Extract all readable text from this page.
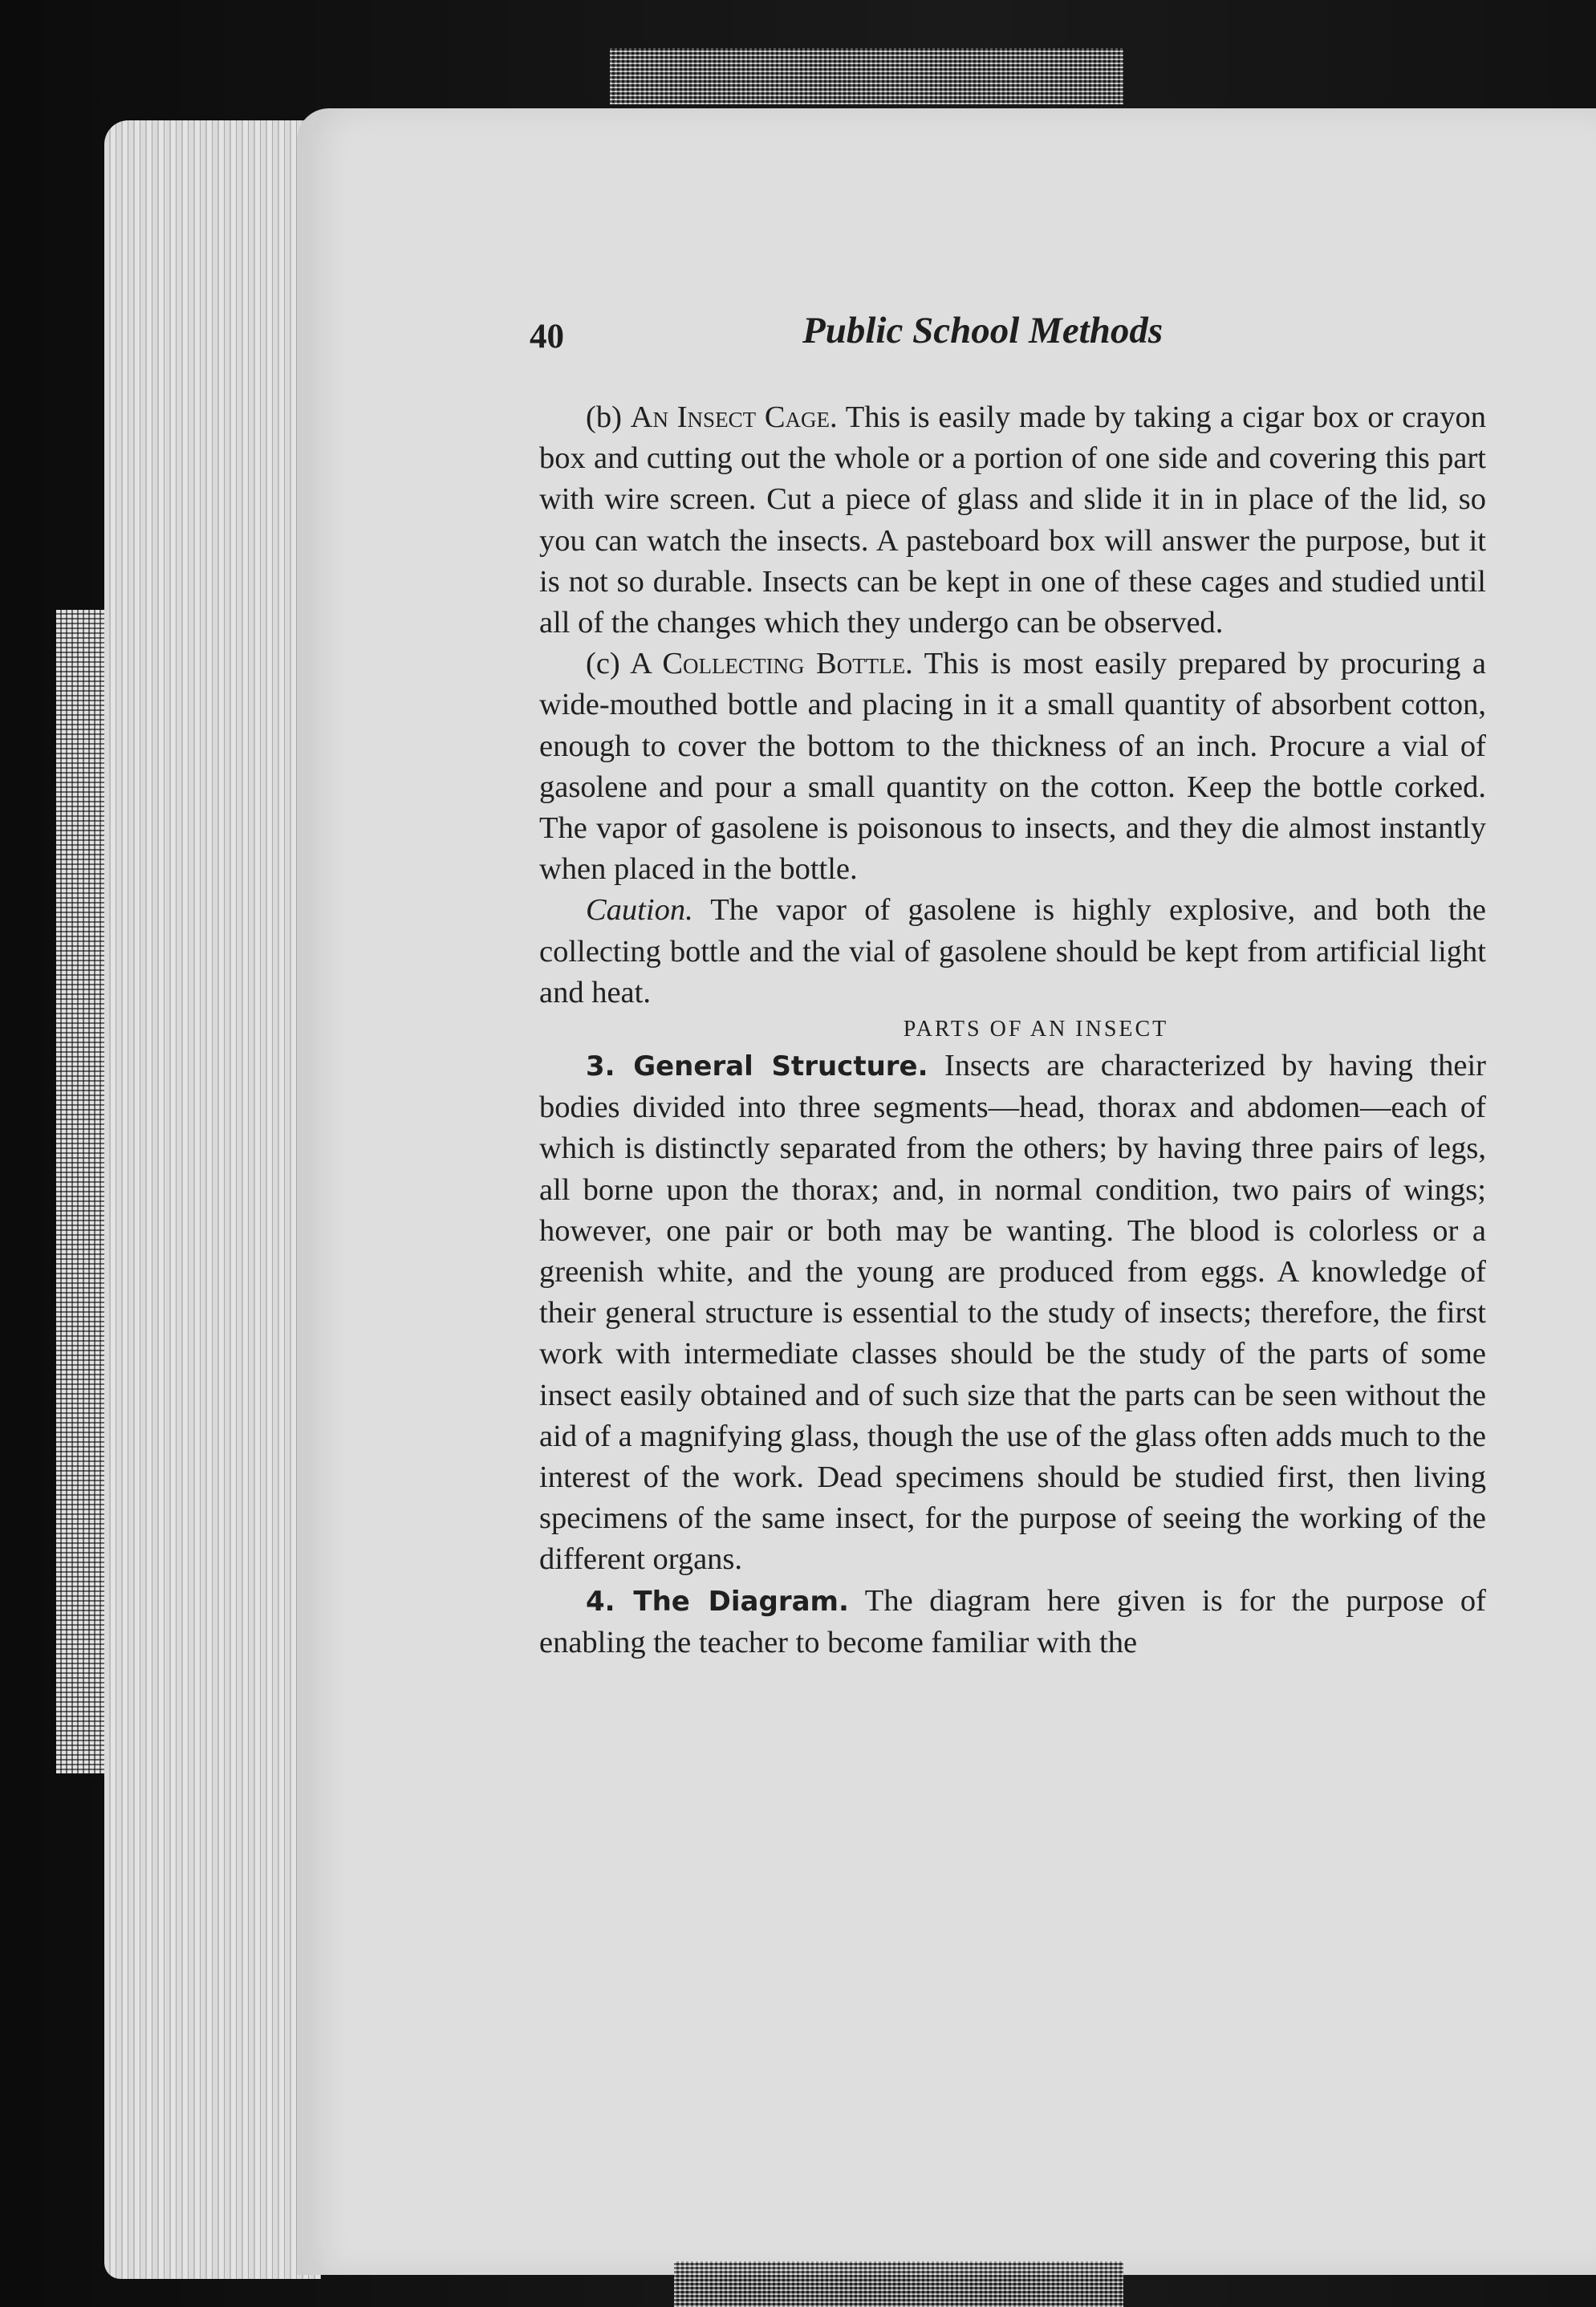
40	Public School Methods

(b) An Insect Cage. This is easily made by taking a cigar box or crayon box and cutting out the whole or a portion of one side and covering this part with wire screen. Cut a piece of glass and slide it in in place of the lid, so you can watch the insects. A pasteboard box will answer the purpose, but it is not so durable. Insects can be kept in one of these cages and studied until all of the changes which they undergo can be observed.

(c) A Collecting Bottle. This is most easily prepared by procuring a wide-mouthed bottle and placing in it a small quantity of absorbent cotton, enough to cover the bottom to the thickness of an inch. Procure a vial of gasolene and pour a small quantity on the cotton. Keep the bottle corked. The vapor of gasolene is poisonous to insects, and they die almost instantly when placed in the bottle.

Caution. The vapor of gasolene is highly explosive, and both the collecting bottle and the vial of gasolene should be kept from artificial light and heat.

PARTS OF AN INSECT

3. General Structure. Insects are characterized by having their bodies divided into three segments—head, thorax and abdomen—each of which is distinctly separated from the others; by having three pairs of legs, all borne upon the thorax; and, in normal condition, two pairs of wings; however, one pair or both may be wanting. The blood is colorless or a greenish white, and the young are produced from eggs. A knowledge of their general structure is essential to the study of insects; therefore, the first work with intermediate classes should be the study of the parts of some insect easily obtained and of such size that the parts can be seen without the aid of a magnifying glass, though the use of the glass often adds much to the interest of the work. Dead specimens should be studied first, then living specimens of the same insect, for the purpose of seeing the working of the different organs.

4. The Diagram. The diagram here given is for the purpose of enabling the teacher to become familiar with the
